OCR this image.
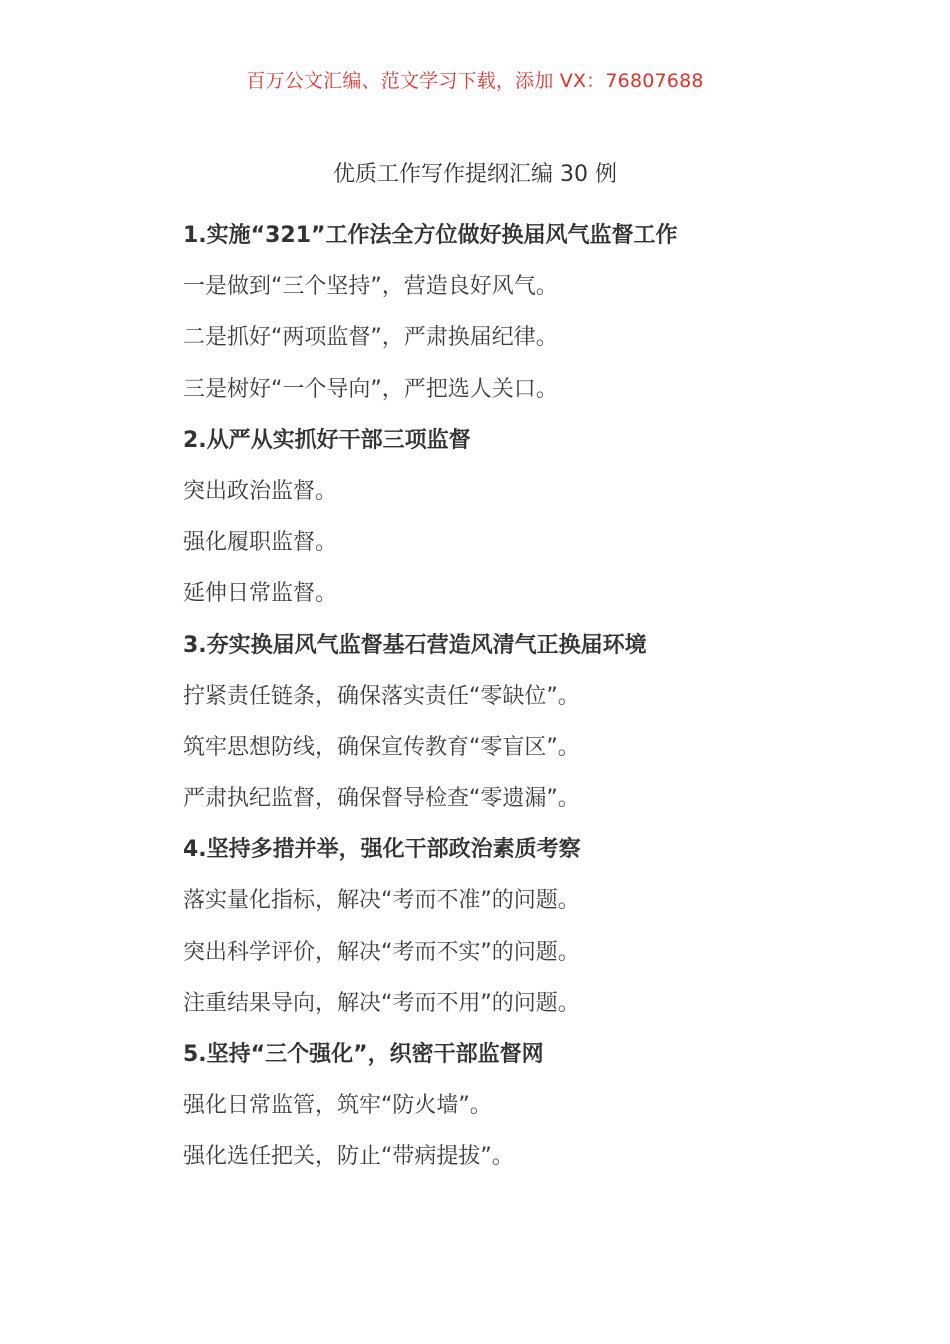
百万公文汇编、范文学习下载，添加 VX：76807688
优质工作写作提纲汇编 30 例
1.实施“321”工作法全方位做好换届风气监督工作
一是做到“三个坚持”，营造良好风气。
二是抓好“两项监督”，严肃换届纪律。
三是树好“一个导向”，严把选人关口。
2.从严从实抓好干部三项监督
突出政治监督。
强化履职监督。
延伸日常监督。
3.夯实换届风气监督基石营造风清气正换届环境
拧紧责任链条，确保落实责任“零缺位”。
筑牢思想防线，确保宣传教育“零盲区”。
严肃执纪监督，确保督导检查“零遗漏”。
4.坚持多措并举，强化干部政治素质考察
落实量化指标，解决“考而不准”的问题。
突出科学评价，解决“考而不实”的问题。
注重结果导向，解决“考而不用”的问题。
5.坚持“三个强化”，织密干部监督网
强化日常监管，筑牢“防火墙”。
强化选任把关，防止“带病提拔”。
